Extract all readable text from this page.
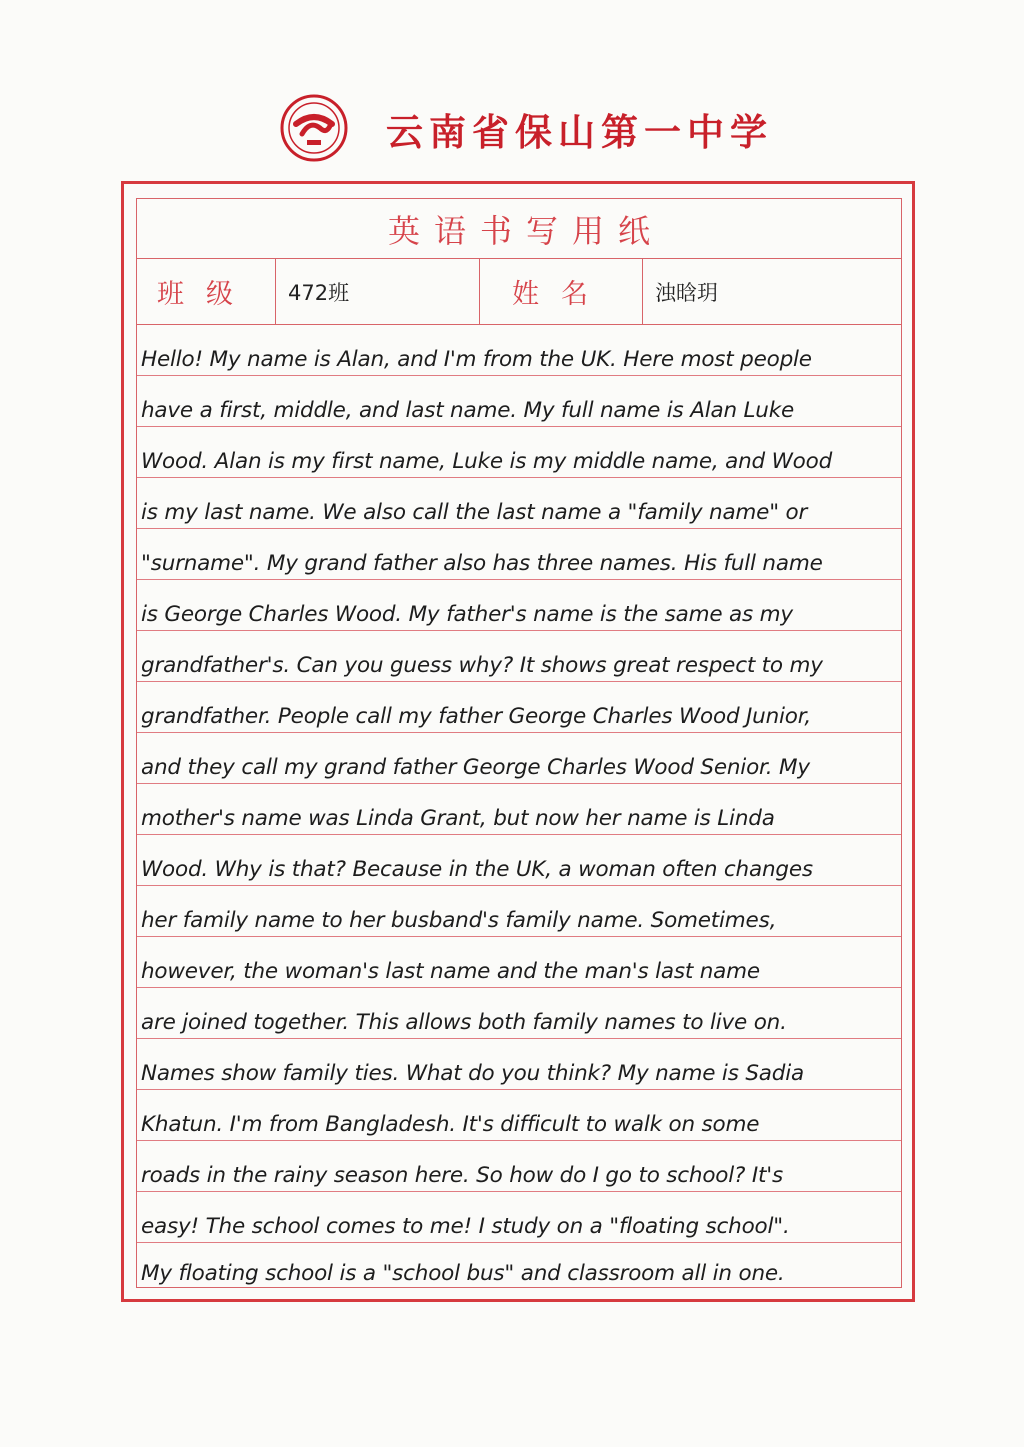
云南省保山第一中学
英语书写用纸
班级	472班	姓名	浊晗玥
Hello! My name is Alan, and I'm from the UK. Here most people
have a first, middle, and last name. My full name is Alan Luke
Wood. Alan is my first name, Luke is my middle name, and Wood
is my last name. We also call the last name a "family name" or
"surname". My grand father also has three names. His full name
is George Charles Wood. My father's name is the same as my
grandfather's. Can you guess why? It shows great respect to my
grandfather. People call my father George Charles Wood Junior,
and they call my grand father George Charles Wood Senior. My
mother's name was Linda Grant, but now her name is Linda
Wood. Why is that? Because in the UK, a woman often changes
her family name to her busband's family name. Sometimes,
however, the woman's last name and the man's last name
are joined together. This allows both family names to live on.
Names show family ties. What do you think? My name is Sadia
Khatun. I'm from Bangladesh. It's difficult to walk on some
roads in the rainy season here. So how do I go to school? It's
easy! The school comes to me! I study on a "floating school".
My floating school is a "school bus" and classroom all in one.
